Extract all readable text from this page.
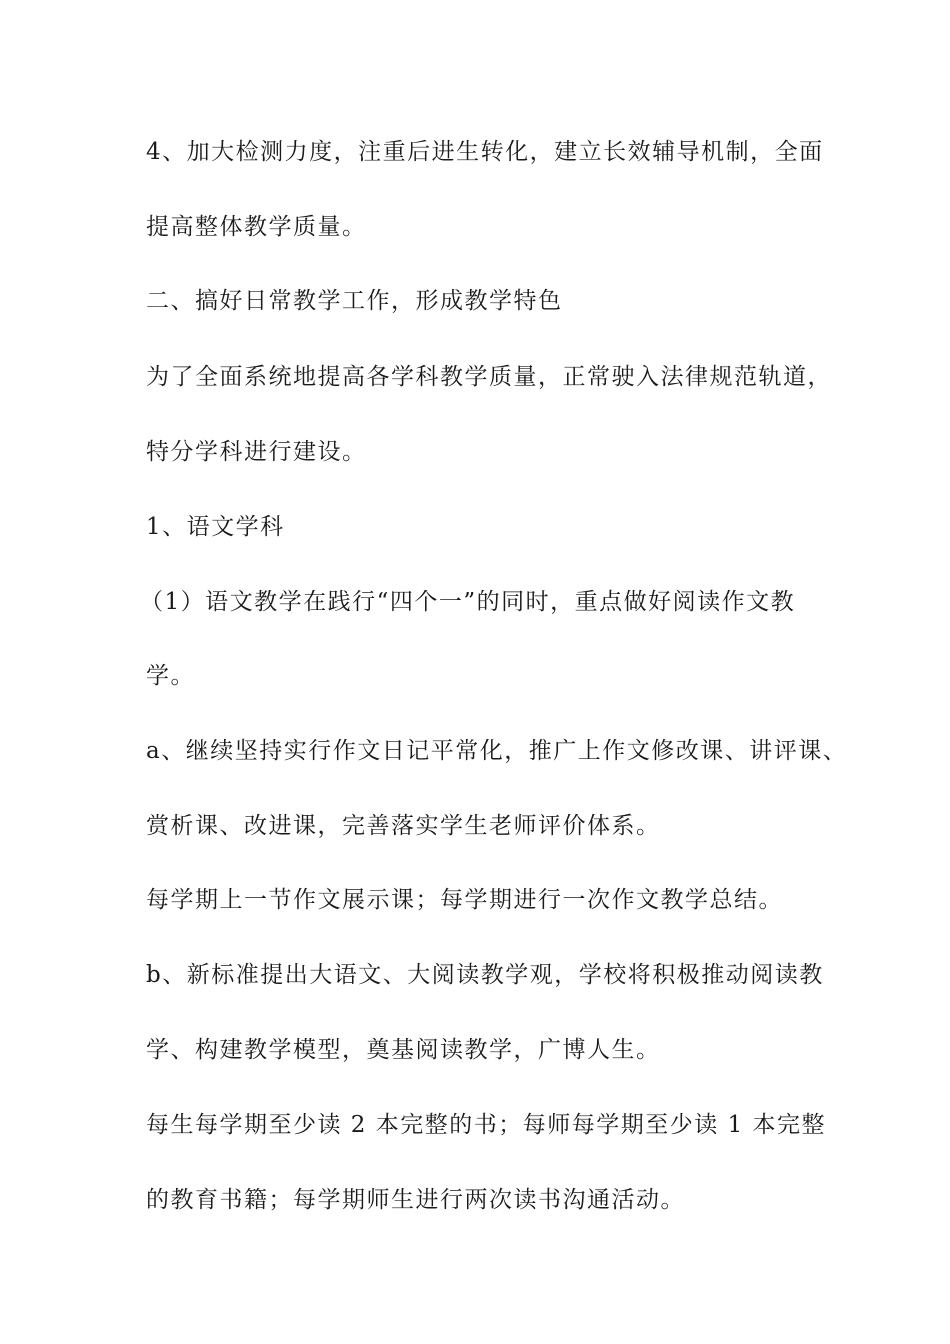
4、加大检测力度，注重后进生转化，建立长效辅导机制，全面
提高整体教学质量。
二、搞好日常教学工作，形成教学特色
为了全面系统地提高各学科教学质量，正常驶入法律规范轨道，
特分学科进行建设。
1、语文学科
（1）语文教学在践行“四个一”的同时，重点做好阅读作文教
学。
a、继续坚持实行作文日记平常化，推广上作文修改课、讲评课、
赏析课、改进课，完善落实学生老师评价体系。
每学期上一节作文展示课；每学期进行一次作文教学总结。
b、新标准提出大语文、大阅读教学观，学校将积极推动阅读教
学、构建教学模型，奠基阅读教学，广博人生。
每生每学期至少读 2 本完整的书；每师每学期至少读 1 本完整
的教育书籍；每学期师生进行两次读书沟通活动。
